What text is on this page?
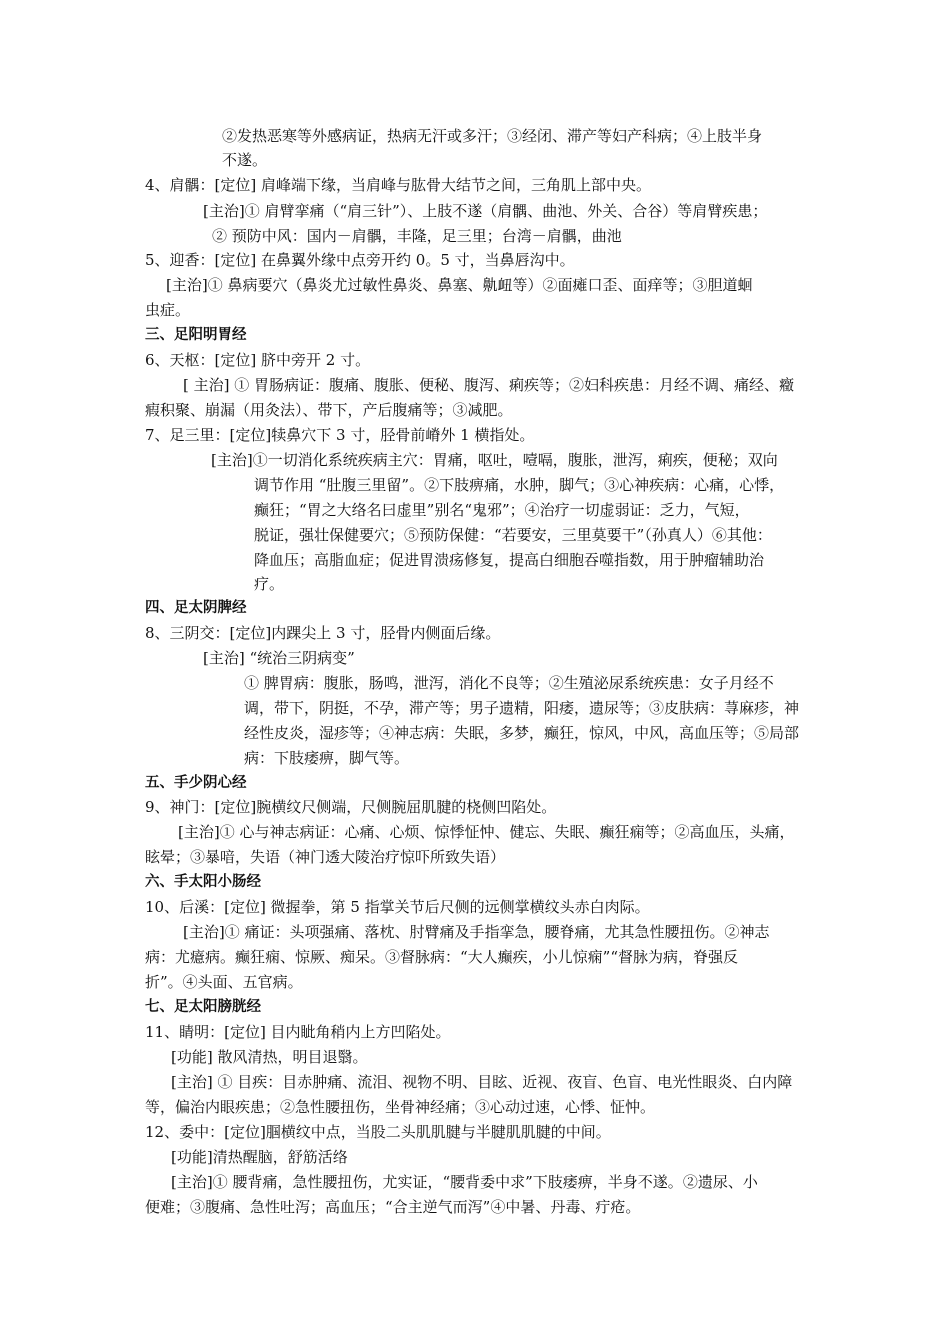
②发热恶寒等外感病证，热病无汗或多汗；③经闭、滞产等妇产科病；④上肢半身
不遂。
4、肩髃：[定位] 肩峰端下缘，当肩峰与肱骨大结节之间，三角肌上部中央。
[主治]① 肩臂挛痛（“肩三针”）、上肢不遂（肩髃、曲池、外关、合谷）等肩臂疾患；
② 预防中风：国内－肩髃，丰隆，足三里；台湾－肩髃，曲池
5、迎香：[定位] 在鼻翼外缘中点旁开约 0。5 寸，当鼻唇沟中。
[主治]① 鼻病要穴（鼻炎尤过敏性鼻炎、鼻塞、鼽衄等）②面瘫口歪、面痒等；③胆道蛔
虫症。
三、足阳明胃经
6、天枢：[定位] 脐中旁开 2 寸。
[ 主治] ① 胃肠病证：腹痛、腹胀、便秘、腹泻、痢疾等；②妇科疾患：月经不调、痛经、癥
瘕积聚、崩漏（用灸法）、带下，产后腹痛等；③减肥。
7、足三里：[定位]犊鼻穴下 3 寸，胫骨前嵴外 1 横指处。
[主治]①一切消化系统疾病主穴：胃痛，呕吐，噎嗝，腹胀，泄泻，痢疾，便秘；双向
调节作用 “肚腹三里留”。②下肢痹痛，水肿，脚气；③心神疾病：心痛，心悸，
癫狂；“胃之大络名曰虚里”别名“鬼邪”；④治疗一切虚弱证：乏力，气短，
脱证，强壮保健要穴；⑤预防保健：“若要安，三里莫要干”（孙真人）⑥其他：
降血压；高脂血症；促进胃溃疡修复，提高白细胞吞噬指数，用于肿瘤辅助治
疗。
四、足太阴脾经
8、三阴交：[定位]内踝尖上 3 寸，胫骨内侧面后缘。
[主治] “统治三阴病变”
① 脾胃病：腹胀，肠鸣，泄泻，消化不良等；②生殖泌尿系统疾患：女子月经不
调，带下，阴挺，不孕，滞产等；男子遗精，阳痿，遗尿等；③皮肤病：荨麻疹，神
经性皮炎，湿疹等；④神志病：失眠，多梦，癫狂，惊风，中风，高血压等；⑤局部
病：下肢痿痹，脚气等。
五、手少阴心经
9、神门：[定位]腕横纹尺侧端，尺侧腕屈肌腱的桡侧凹陷处。
[主治]① 心与神志病证：心痛、心烦、惊悸怔忡、健忘、失眠、癫狂痫等；②高血压，头痛，
眩晕；③暴喑，失语（神门透大陵治疗惊吓所致失语）
六、手太阳小肠经
10、后溪：[定位] 微握拳，第 5 指掌关节后尺侧的远侧掌横纹头赤白肉际。
[主治]① 痛证：头项强痛、落枕、肘臂痛及手指挛急，腰脊痛，尤其急性腰扭伤。②神志
病：尤癔病。癫狂痫、惊厥、痴呆。③督脉病：“大人癫疾，小儿惊痫”“督脉为病，脊强反
折”。④头面、五官病。
七、足太阳膀胱经
11、睛明：[定位] 目内眦角稍内上方凹陷处。
[功能] 散风清热，明目退翳。
[主治] ① 目疾：目赤肿痛、流泪、视物不明、目眩、近视、夜盲、色盲、电光性眼炎、白内障
等，偏治内眼疾患；②急性腰扭伤，坐骨神经痛；③心动过速，心悸、怔忡。
12、委中：[定位]腘横纹中点，当股二头肌肌腱与半腱肌肌腱的中间。
[功能]清热醒脑，舒筋活络
[主治]① 腰背痛，急性腰扭伤，尤实证，“腰背委中求”下肢痿痹，半身不遂。②遗尿、小
便难；③腹痛、急性吐泻；高血压；“合主逆气而泻”④中暑、丹毒、疔疮。
